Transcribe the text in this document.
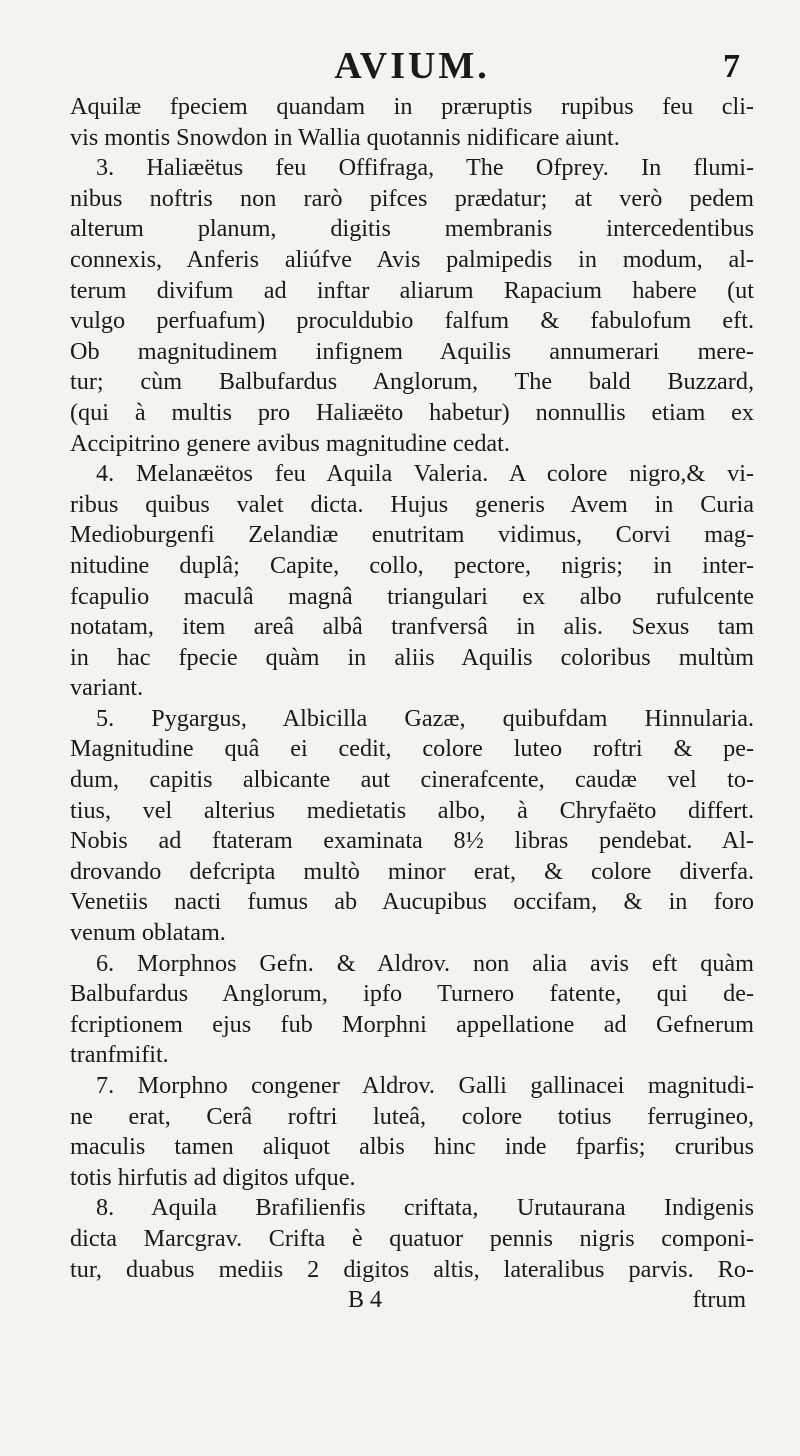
AVIUM.	7
Aquilæ fpeciem quandam in præruptis rupibus feu cli-
vis montis Snowdon in Wallia quotannis nidificare aiunt.
3. Haliæëtus feu Offifraga, The Ofprey. In flumi-
nibus noftris non rarò pifces prædatur; at verò pedem
alterum planum, digitis membranis intercedentibus
connexis, Anferis aliúfve Avis palmipedis in modum, al-
terum divifum ad inftar aliarum Rapacium habere (ut
vulgo perfuafum) proculdubio falfum & fabulofum eft.
Ob magnitudinem infignem Aquilis annumerari mere-
tur; cùm Balbufardus Anglorum, The bald Buzzard,
(qui à multis pro Haliæëto habetur) nonnullis etiam ex
Accipitrino genere avibus magnitudine cedat.
4. Melanæëtos feu Aquila Valeria. A colore nigro,& vi-
ribus quibus valet dicta. Hujus generis Avem in Curia
Medioburgenfi Zelandiæ enutritam vidimus, Corvi mag-
nitudine duplâ; Capite, collo, pectore, nigris; in inter-
fcapulio maculâ magnâ triangulari ex albo rufulcente
notatam, item areâ albâ tranfversâ in alis. Sexus tam
in hac fpecie quàm in aliis Aquilis coloribus multùm
variant.
5. Pygargus, Albicilla Gazæ, quibufdam Hinnularia.
Magnitudine quâ ei cedit, colore luteo roftri & pe-
dum, capitis albicante aut cinerafcente, caudæ vel to-
tius, vel alterius medietatis albo, à Chryfaëto differt.
Nobis ad ftateram examinata 8½ libras pendebat. Al-
drovando defcripta multò minor erat, & colore diverfa.
Venetiis nacti fumus ab Aucupibus occifam, & in foro
venum oblatam.
6. Morphnos Gefn. & Aldrov. non alia avis eft quàm
Balbufardus Anglorum, ipfo Turnero fatente, qui de-
fcriptionem ejus fub Morphni appellatione ad Gefnerum
tranfmifit.
7. Morphno congener Aldrov. Galli gallinacei magnitudi-
ne erat, Cerâ roftri luteâ, colore totius ferrugineo,
maculis tamen aliquot albis hinc inde fparfis; cruribus
totis hirfutis ad digitos ufque.
8. Aquila Brafilienfis criftata, Urutaurana Indigenis
dicta Marcgrav. Crifta è quatuor pennis nigris componi-
tur, duabus mediis 2 digitos altis, lateralibus parvis. Ro-
B 4	ftrum
